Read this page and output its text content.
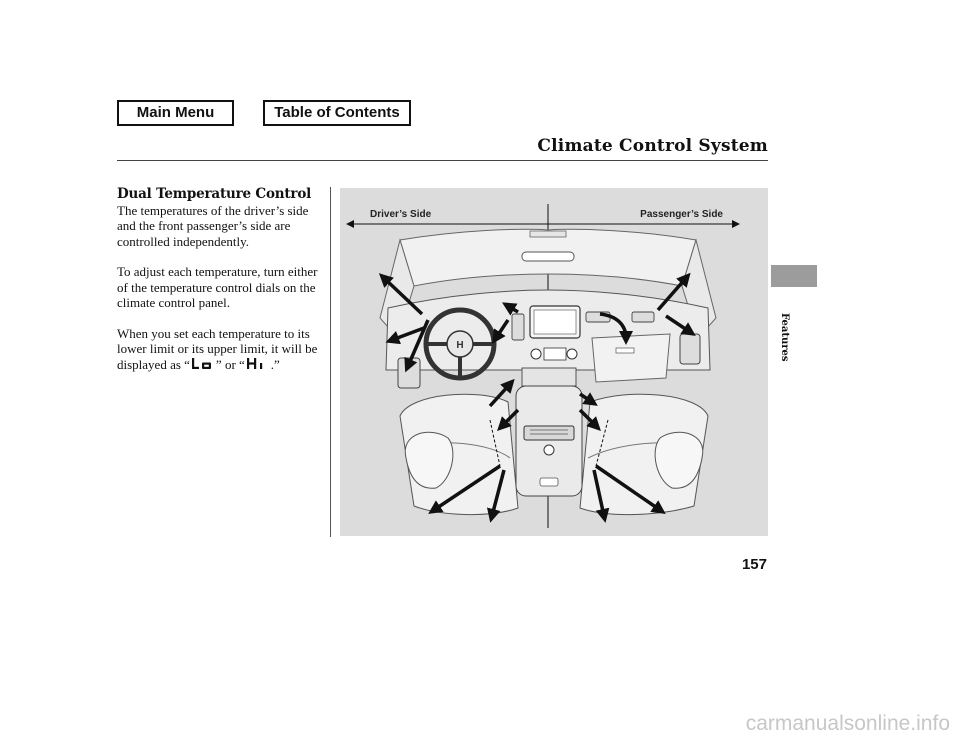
Main Menu	Table of Contents
Climate Control System
Features
Dual Temperature Control

The temperatures of the driver’s side and the front passenger’s side are controlled independently.

To adjust each temperature, turn either of the temperature control dials on the climate control panel.

When you set each temperature to its lower limit or its upper limit, it will be displayed as “ ” or “ .”

Driver’s Side	Passenger’s Side
H
157
carmanualsonline.info
